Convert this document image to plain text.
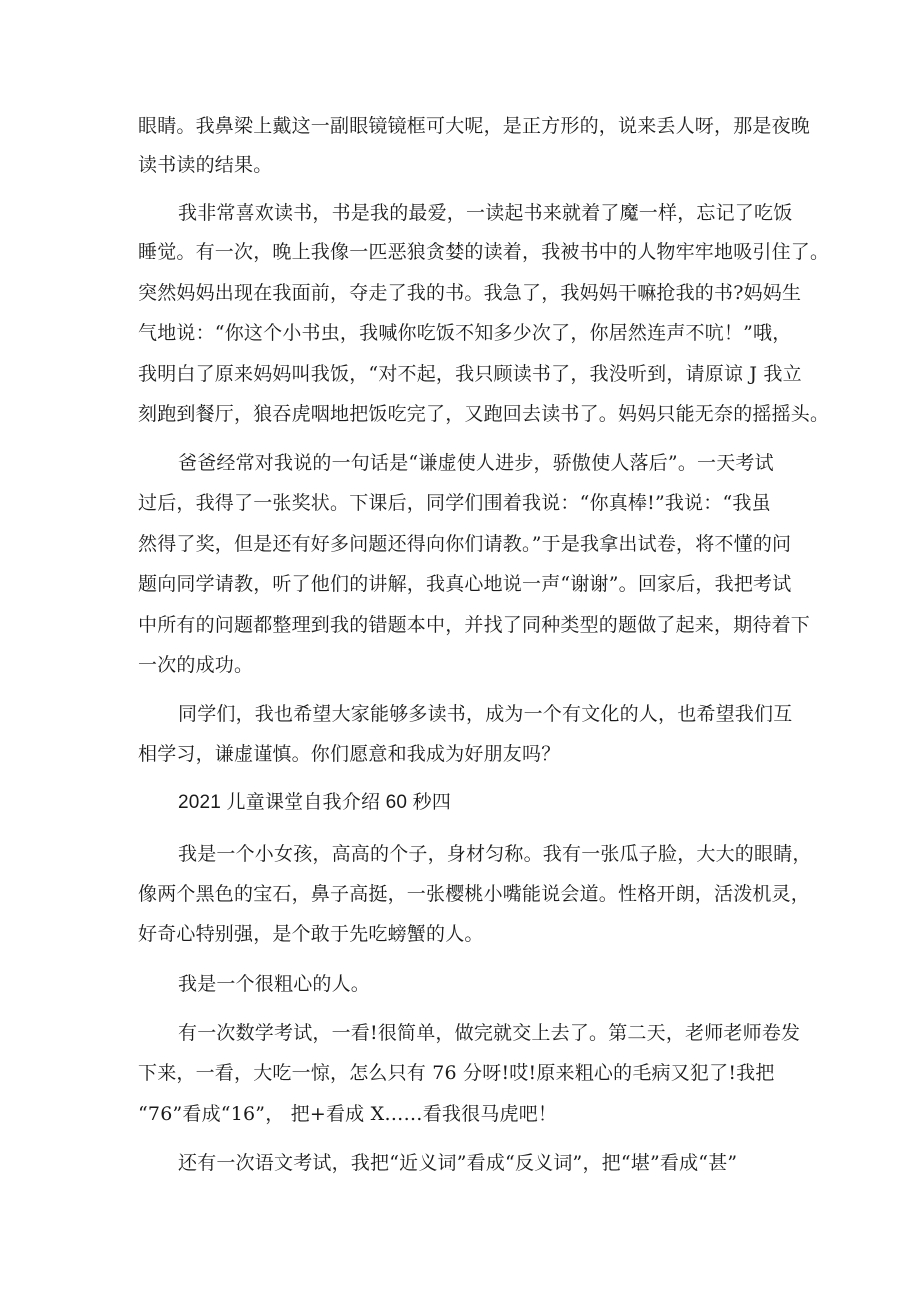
眼睛。我鼻梁上戴这一副眼镜镜框可大呢，是正方形的，说来丢人呀，那是夜晚
读书读的结果。
我非常喜欢读书，书是我的最爱，一读起书来就着了魔一样，忘记了吃饭
睡觉。有一次，晚上我像一匹恶狼贪婪的读着，我被书中的人物牢牢地吸引住了。
突然妈妈出现在我面前，夺走了我的书。我急了，我妈妈干嘛抢我的书?妈妈生
气地说：“你这个小书虫，我喊你吃饭不知多少次了，你居然连声不吭！”哦，
我明白了原来妈妈叫我饭，“对不起，我只顾读书了，我没听到，请原谅 J 我立
刻跑到餐厅，狼吞虎咽地把饭吃完了，又跑回去读书了。妈妈只能无奈的摇摇头。
爸爸经常对我说的一句话是“谦虚使人进步，骄傲使人落后”。一天考试
过后，我得了一张奖状。下课后，同学们围着我说：“你真棒!”我说：“我虽
然得了奖，但是还有好多问题还得向你们请教。”于是我拿出试卷，将不懂的问
题向同学请教，听了他们的讲解，我真心地说一声“谢谢”。回家后，我把考试
中所有的问题都整理到我的错题本中，并找了同种类型的题做了起来，期待着下
一次的成功。
同学们，我也希望大家能够多读书，成为一个有文化的人，也希望我们互
相学习，谦虚谨慎。你们愿意和我成为好朋友吗？
2021 儿童课堂自我介绍 60 秒四
我是一个小女孩，高高的个子，身材匀称。我有一张瓜子脸，大大的眼睛，
像两个黑色的宝石，鼻子高挺，一张樱桃小嘴能说会道。性格开朗，活泼机灵，
好奇心特别强，是个敢于先吃螃蟹的人。
我是一个很粗心的人。
有一次数学考试，一看!很简单，做完就交上去了。第二天，老师老师卷发
下来，一看，大吃一惊，怎么只有 76 分呀!哎!原来粗心的毛病又犯了!我把
“76”看成“16”， 把+看成 X……看我很马虎吧！
还有一次语文考试，我把“近义词”看成“反义词”，把“堪”看成“甚”
